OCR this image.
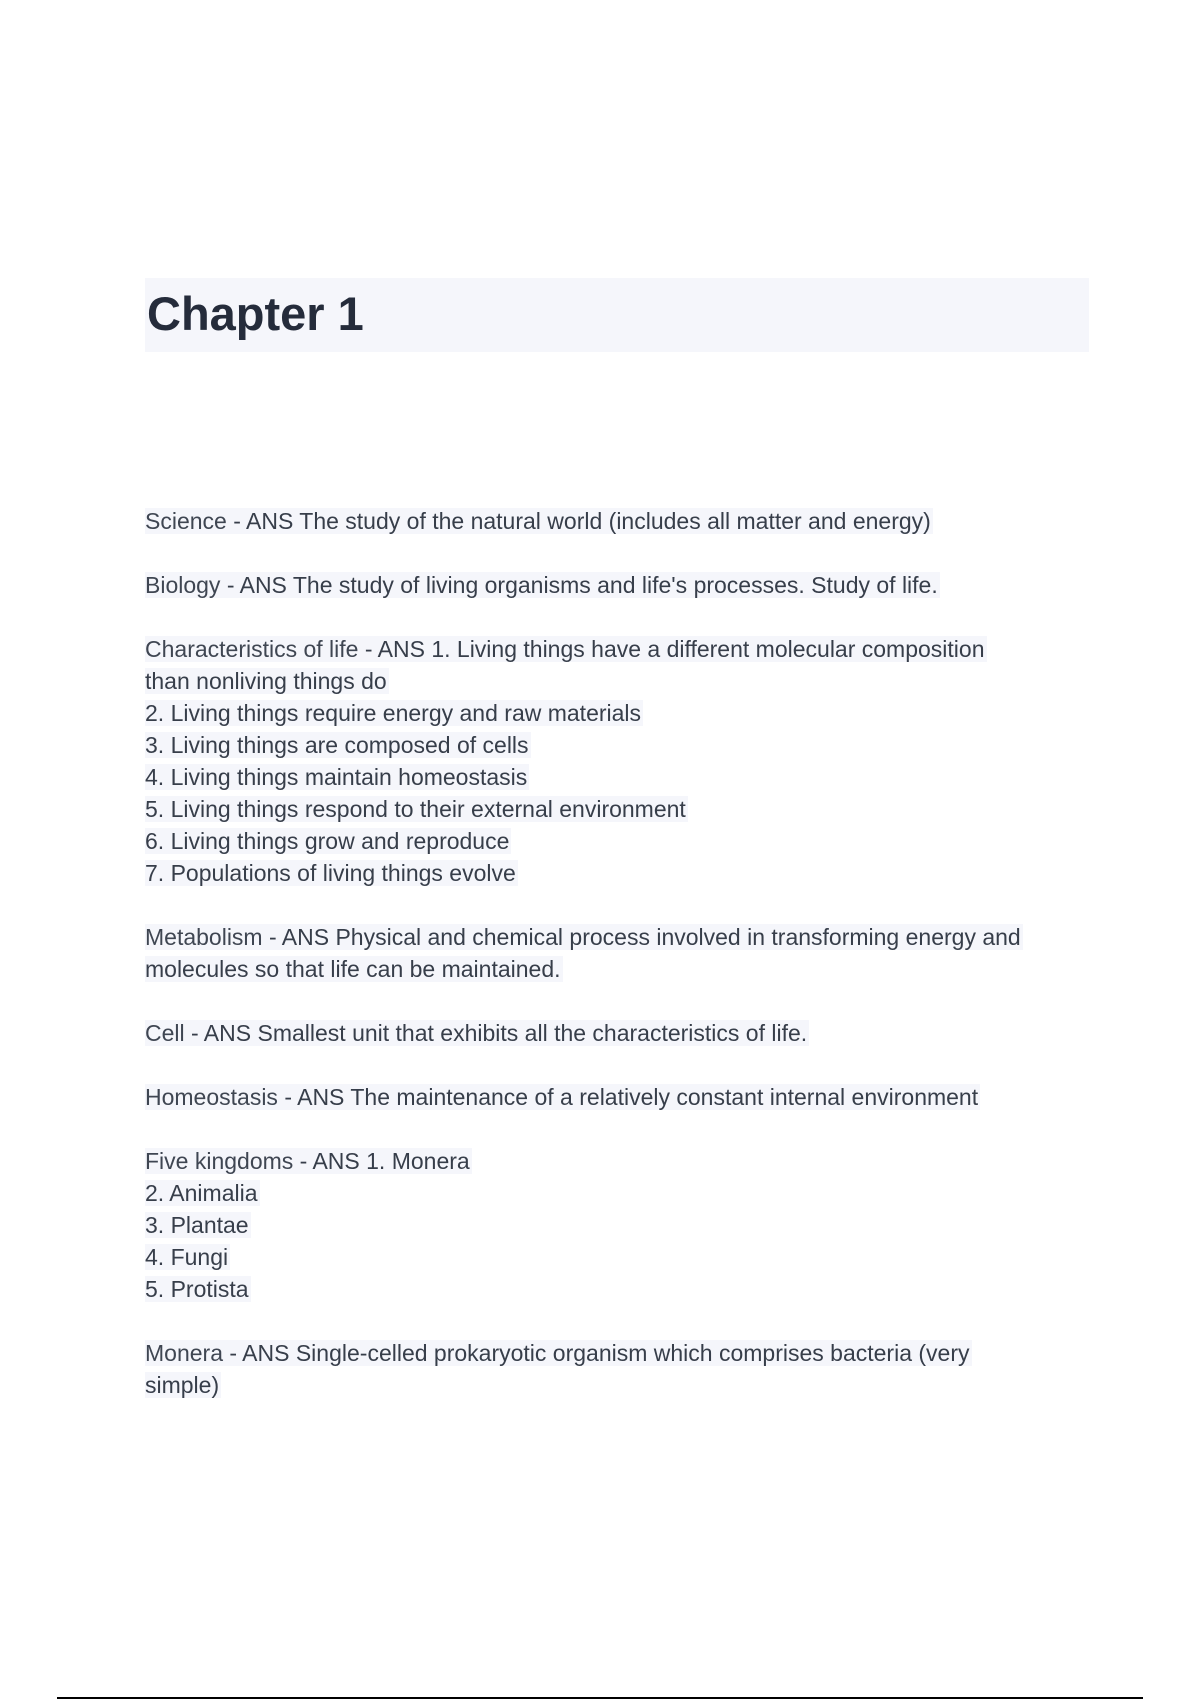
Chapter 1

Science - ANS The study of the natural world (includes all matter and energy)

Biology - ANS The study of living organisms and life's processes. Study of life.

Characteristics of life - ANS 1. Living things have a different molecular composition
than nonliving things do
2. Living things require energy and raw materials
3. Living things are composed of cells
4. Living things maintain homeostasis
5. Living things respond to their external environment
6. Living things grow and reproduce
7. Populations of living things evolve

Metabolism - ANS Physical and chemical process involved in transforming energy and
molecules so that life can be maintained.

Cell - ANS Smallest unit that exhibits all the characteristics of life.

Homeostasis - ANS The maintenance of a relatively constant internal environment

Five kingdoms - ANS 1. Monera
2. Animalia
3. Plantae
4. Fungi
5. Protista

Monera - ANS Single-celled prokaryotic organism which comprises bacteria (very
simple)
